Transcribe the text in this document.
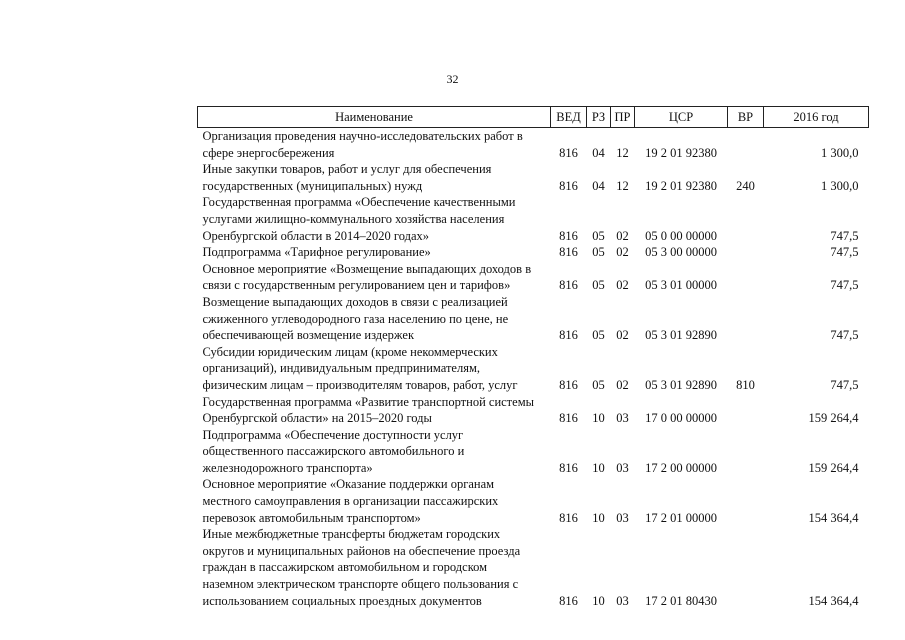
32
Наименование	ВЕД	РЗ	ПР	ЦСР	ВР	2016 год

Организация проведения научно-исследовательских работ в
сфере энергосбережения	816	04	12	19 2 01 92380		1 300,0

Иные закупки товаров, работ и услуг для обеспечения
государственных (муниципальных) нужд	816	04	12	19 2 01 92380	240	1 300,0

Государственная программа «Обеспечение качественными
услугами жилищно-коммунального хозяйства населения
Оренбургской области в 2014–2020 годах»	816	05	02	05 0 00 00000		747,5

Подпрограмма «Тарифное регулирование»	816	05	02	05 3 00 00000		747,5

Основное мероприятие «Возмещение выпадающих доходов в
связи с государственным регулированием цен и тарифов»	816	05	02	05 3 01 00000		747,5

Возмещение выпадающих доходов в связи с реализацией
сжиженного углеводородного газа населению по цене, не
обеспечивающей возмещение издержек	816	05	02	05 3 01 92890		747,5

Субсидии юридическим лицам (кроме некоммерческих
организаций), индивидуальным предпринимателям,
физическим лицам – производителям товаров, работ, услуг	816	05	02	05 3 01 92890	810	747,5

Государственная программа «Развитие транспортной системы
Оренбургской области» на 2015–2020 годы	816	10	03	17 0 00 00000		159 264,4

Подпрограмма «Обеспечение доступности услуг
общественного пассажирского автомобильного и
железнодорожного транспорта»	816	10	03	17 2 00 00000		159 264,4

Основное мероприятие «Оказание поддержки органам
местного самоуправления в организации пассажирских
перевозок автомобильным транспортом»	816	10	03	17 2 01 00000		154 364,4

Иные межбюджетные трансферты бюджетам городских
округов и муниципальных районов на обеспечение проезда
граждан в пассажирском автомобильном и городском
наземном электрическом транспорте общего пользования с
использованием социальных проездных документов	816	10	03	17 2 01 80430		154 364,4
